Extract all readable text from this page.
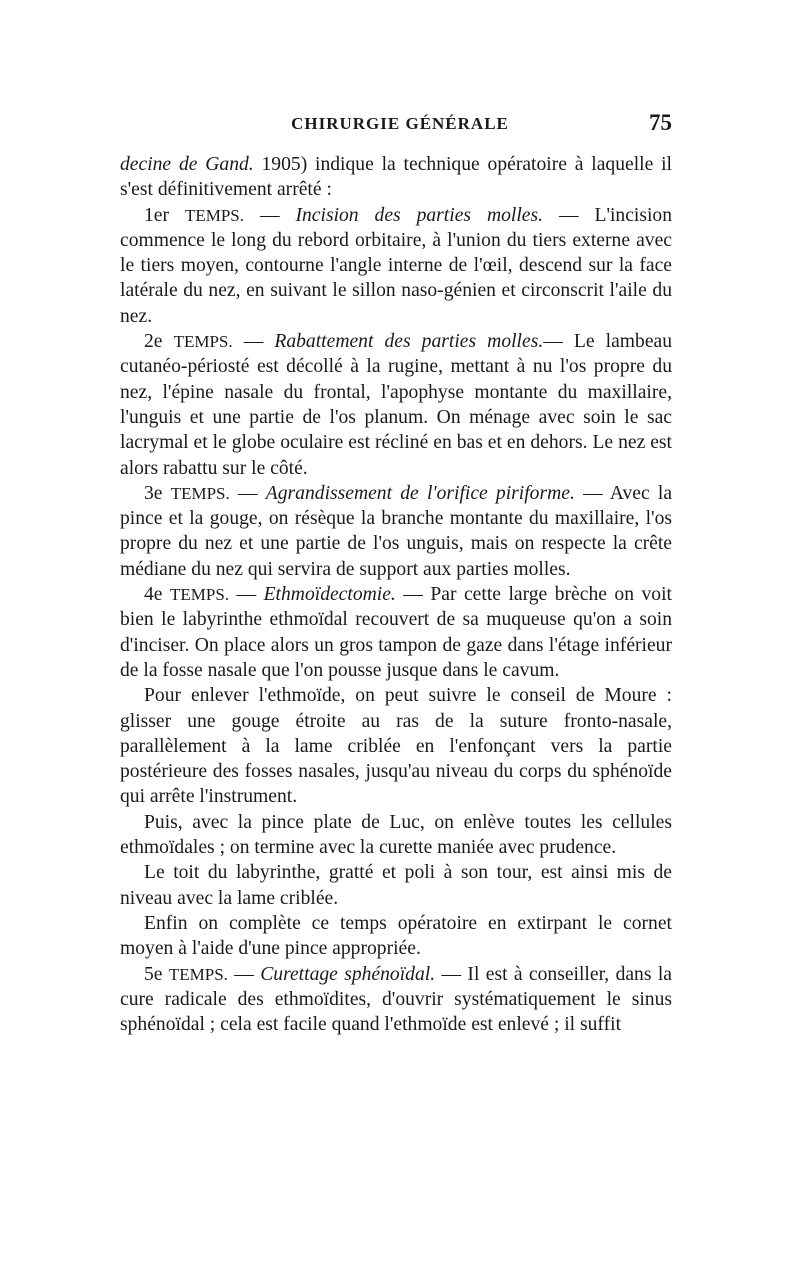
CHIRURGIE GÉNÉRALE	75

decine de Gand. 1905) indique la technique opératoire à laquelle il s'est définitivement arrêté :

1er TEMPS. — Incision des parties molles. — L'incision commence le long du rebord orbitaire, à l'union du tiers externe avec le tiers moyen, contourne l'angle interne de l'œil, descend sur la face latérale du nez, en suivant le sillon naso-génien et circonscrit l'aile du nez.

2e TEMPS. — Rabattement des parties molles.— Le lambeau cutanéo-périosté est décollé à la rugine, mettant à nu l'os propre du nez, l'épine nasale du frontal, l'apophyse montante du maxillaire, l'unguis et une partie de l'os planum. On ménage avec soin le sac lacrymal et le globe oculaire est récliné en bas et en dehors. Le nez est alors rabattu sur le côté.

3e TEMPS. — Agrandissement de l'orifice piriforme. — Avec la pince et la gouge, on résèque la branche montante du maxillaire, l'os propre du nez et une partie de l'os unguis, mais on respecte la crête médiane du nez qui servira de support aux parties molles.

4e TEMPS. — Ethmoïdectomie. — Par cette large brèche on voit bien le labyrinthe ethmoïdal recouvert de sa muqueuse qu'on a soin d'inciser. On place alors un gros tampon de gaze dans l'étage inférieur de la fosse nasale que l'on pousse jusque dans le cavum.

Pour enlever l'ethmoïde, on peut suivre le conseil de Moure : glisser une gouge étroite au ras de la suture fronto-nasale, parallèlement à la lame criblée en l'enfonçant vers la partie postérieure des fosses nasales, jusqu'au niveau du corps du sphénoïde qui arrête l'instrument.

Puis, avec la pince plate de Luc, on enlève toutes les cellules ethmoïdales ; on termine avec la curette maniée avec prudence.

Le toit du labyrinthe, gratté et poli à son tour, est ainsi mis de niveau avec la lame criblée.

Enfin on complète ce temps opératoire en extirpant le cornet moyen à l'aide d'une pince appropriée.

5e TEMPS. — Curettage sphénoïdal. — Il est à conseiller, dans la cure radicale des ethmoïdites, d'ouvrir systématiquement le sinus sphénoïdal ; cela est facile quand l'ethmoïde est enlevé ; il suffit
